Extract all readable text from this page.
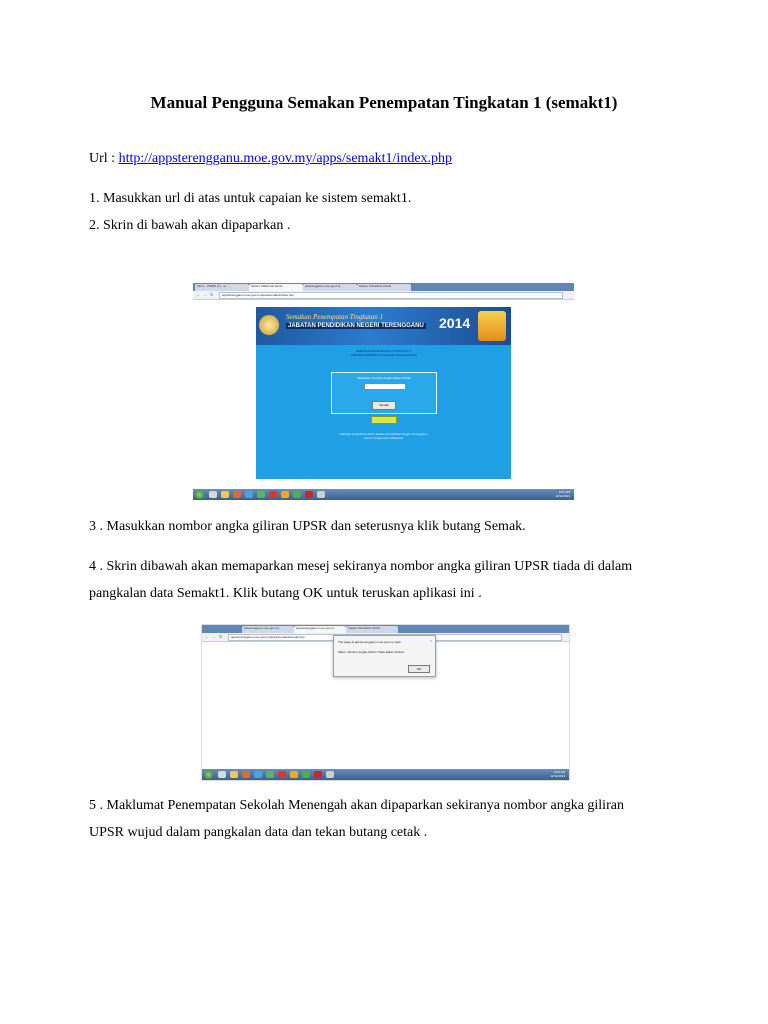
Manual Pengguna Semakan Penempatan Tingkatan 1 (semakt1)
Url : http://appsterengganu.moe.gov.my/apps/semakt1/index.php
1. Masukkan url di atas untuk capaian ke sistem semakt1.
2. Skrin di bawah akan dipaparkan .
Inbox - ITEMS (1) - sc	Sistem Maklumat Murid	pkterengganu.moe.gov.my	Sistem Kehadiran Murid
← → ↻	appsterengganu.moe.gov.my/apps/semakt1/index.php
Semakan Penempatan Tingkatan 1
JABATAN PENDIDIKAN NEGERI TERENGGANU 2014
SEMAKAN PENEMPATAN TINGKATAN 1
JABATAN PENDIDIKAN NEGERI TERENGGANU
Masukkan Nombor Angka Giliran UPSR
Semak
Hakcipta Terpelihara 2014 Jabatan Pendidikan Negeri Terengganu
Sektor Pengurusan Maklumat
9:01 AM
12/11/2013
3 . Masukkan nombor angka giliran UPSR dan seterusnya klik butang Semak.
4 . Skrin dibawah akan memaparkan mesej sekiranya nombor angka giliran UPSR tiada di dalam
pangkalan data Semakt1. Klik butang OK untuk teruskan aplikasi ini .
pkterengganu.moe.gov.my	appsterengganu.moe.gov.my	Sistem Kehadiran Murid
← → ↻	appsterengganu.moe.gov.my/apps/semakt1/semak.php
The page at appsterengganu.moe.gov.my says:	×
Maaf - Nombor Angka Giliran Tiada Dalam Rekod
OK
9:03 AM
12/11/2013
5 . Maklumat Penempatan Sekolah Menengah akan dipaparkan sekiranya nombor angka giliran
UPSR wujud dalam pangkalan data dan tekan butang cetak .
